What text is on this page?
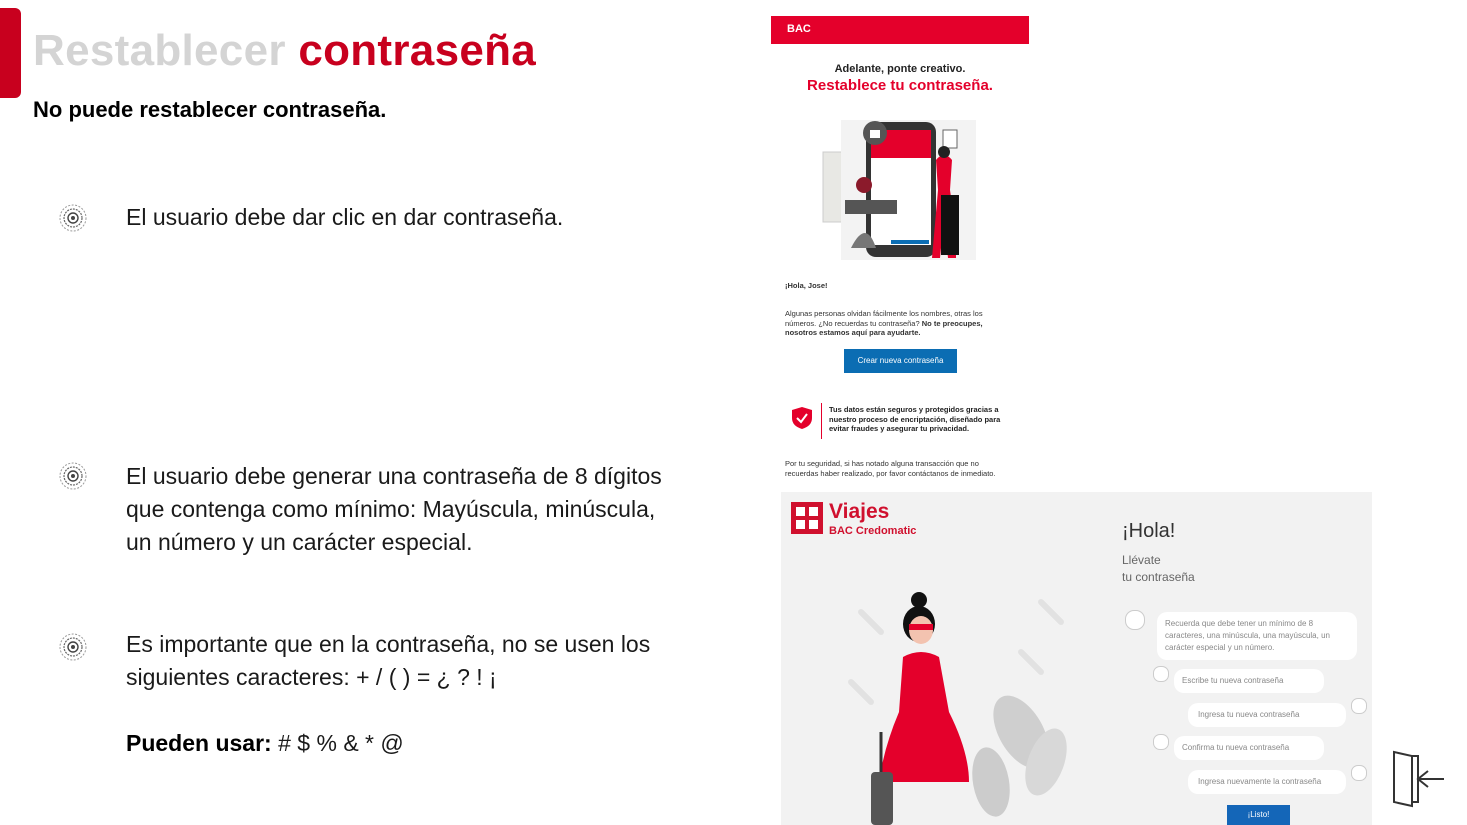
Restablecer contraseña
No puede restablecer contraseña.
El usuario debe dar clic en dar contraseña.
El usuario debe generar una contraseña de 8 dígitos que contenga como mínimo: Mayúscula, minúscula, un número y un carácter especial.
Es importante que en la contraseña, no se usen los siguientes caracteres: + / ( ) = ¿ ? ! ¡
Pueden usar: # $ % & * @
BAC
Adelante, ponte creativo.
Restablece tu contraseña.
¡Hola, Jose!
Algunas personas olvidan fácilmente los nombres, otras los números. ¿No recuerdas tu contraseña? No te preocupes, nosotros estamos aquí para ayudarte.
Crear nueva contraseña
Tus datos están seguros y protegidos gracias a nuestro proceso de encriptación, diseñado para evitar fraudes y asegurar tu privacidad.
Por tu seguridad, si has notado alguna transacción que no recuerdas haber realizado, por favor contáctanos de inmediato.
Viajes
BAC Credomatic	¡Hola!
Llévate
tu contraseña
Recuerda que debe tener un mínimo de 8 caracteres, una minúscula, una mayúscula, un carácter especial y un número.
Escribe tu nueva contraseña
Ingresa tu nueva contraseña
Confirma tu nueva contraseña
Ingresa nuevamente la contraseña
¡Listo!
